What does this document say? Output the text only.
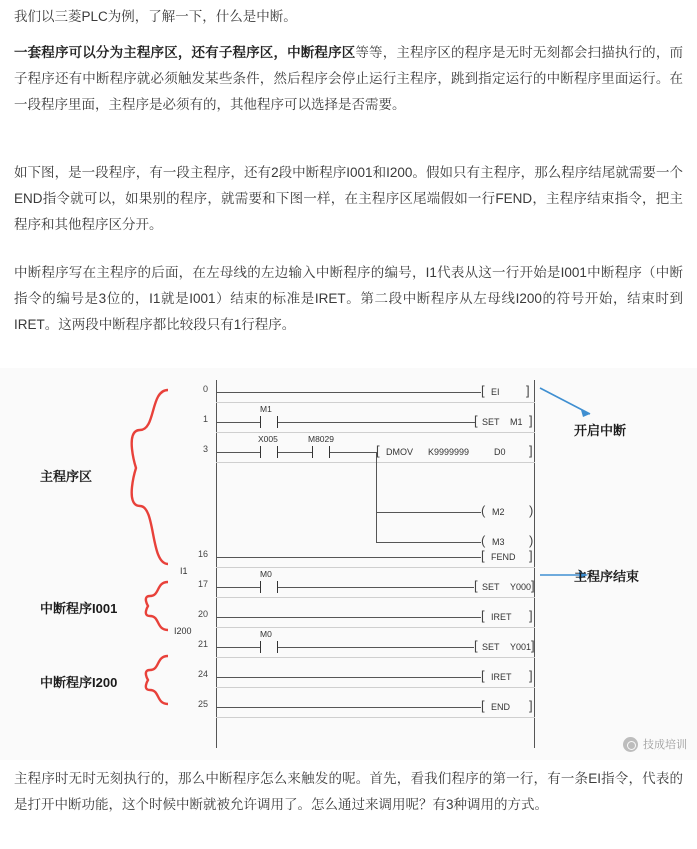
我们以三菱PLC为例，了解一下，什么是中断。
一套程序可以分为主程序区，还有子程序区，中断程序区等等，主程序区的程序是无时无刻都会扫描执行的，而子程序还有中断程序就必须触发某些条件，然后程序会停止运行主程序，跳到指定运行的中断程序里面运行。在一段程序里面，主程序是必须有的，其他程序可以选择是否需要。
如下图，是一段程序，有一段主程序，还有2段中断程序I001和I200。假如只有主程序，那么程序结尾就需要一个END指令就可以，如果别的程序，就需要和下图一样，在主程序区尾端假如一行FEND，主程序结束指令，把主程序和其他程序区分开。
中断程序写在主程序的后面，在左母线的左边输入中断程序的编号，I1代表从这一行开始是I001中断程序（中断指令的编号是3位的，I1就是I001）结束的标准是IRET。第二段中断程序从左母线I200的符号开始，结束时到IRET。这两段中断程序都比较段只有1行程序。
主程序区
中断程序I001
中断程序I200
开启中断
主程序结束
0
1
3
16
17
20
21
24
25
I1
I200
[ EI ]
M1
[ SET M1 ]
X005	M8029
[ DMOV K9999999	D0 ]
( M2 )
( M3 )
[ FEND ]
M0
[ SET Y000 ]
[ IRET ]
M0
[ SET Y001 ]
[ IRET ]
[ END ]
技成培训
主程序时无时无刻执行的，那么中断程序怎么来触发的呢。首先，看我们程序的第一行，有一条EI指令，代表的是打开中断功能，这个时候中断就被允许调用了。怎么通过来调用呢？有3种调用的方式。
